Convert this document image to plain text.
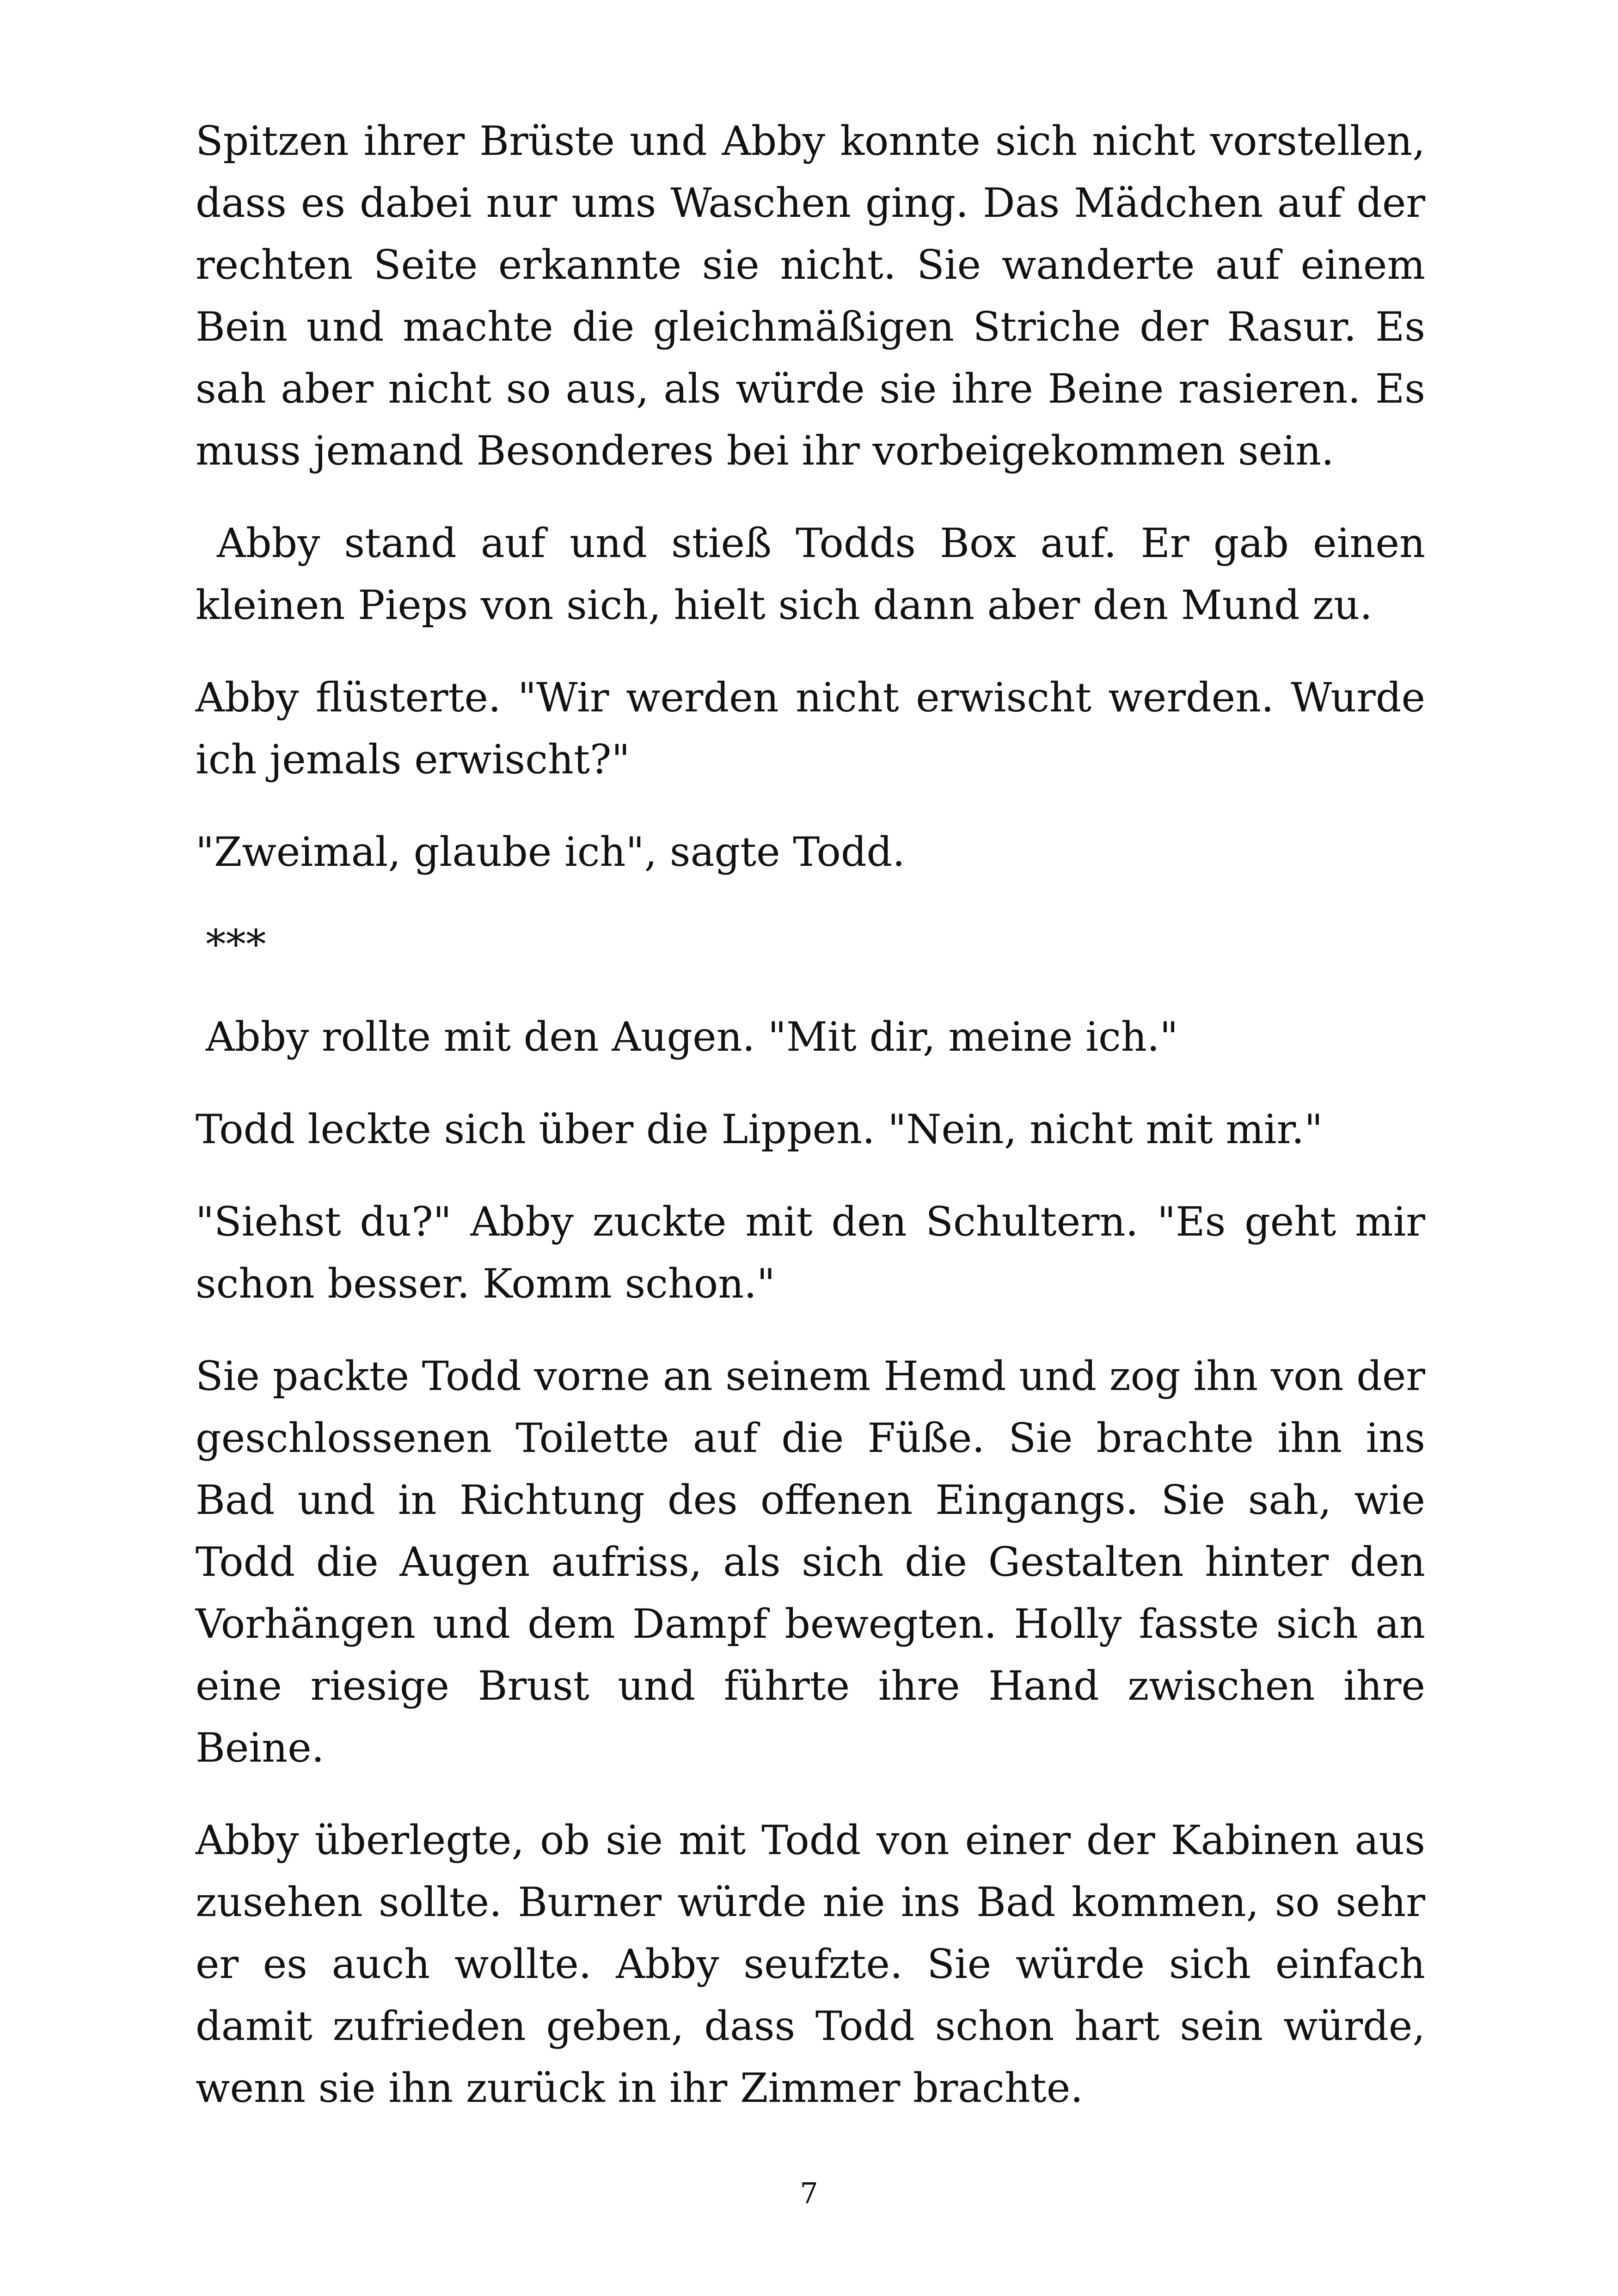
Spitzen ihrer Brüste und Abby konnte sich nicht vorstellen, dass es dabei nur ums Waschen ging. Das Mädchen auf der rechten Seite erkannte sie nicht. Sie wanderte auf einem Bein und machte die gleichmäßigen Striche der Rasur. Es sah aber nicht so aus, als würde sie ihre Beine rasieren. Es muss jemand Besonderes bei ihr vorbeigekommen sein.

Abby stand auf und stieß Todds Box auf. Er gab einen kleinen Pieps von sich, hielt sich dann aber den Mund zu.

Abby flüsterte. "Wir werden nicht erwischt werden. Wurde ich jemals erwischt?"

"Zweimal, glaube ich", sagte Todd.

***

Abby rollte mit den Augen. "Mit dir, meine ich."

Todd leckte sich über die Lippen. "Nein, nicht mit mir."

"Siehst du?" Abby zuckte mit den Schultern. "Es geht mir schon besser. Komm schon."

Sie packte Todd vorne an seinem Hemd und zog ihn von der geschlossenen Toilette auf die Füße. Sie brachte ihn ins Bad und in Richtung des offenen Eingangs. Sie sah, wie Todd die Augen aufriss, als sich die Gestalten hinter den Vorhängen und dem Dampf bewegten. Holly fasste sich an eine riesige Brust und führte ihre Hand zwischen ihre Beine.

Abby überlegte, ob sie mit Todd von einer der Kabinen aus zusehen sollte. Burner würde nie ins Bad kommen, so sehr er es auch wollte. Abby seufzte. Sie würde sich einfach damit zufrieden geben, dass Todd schon hart sein würde, wenn sie ihn zurück in ihr Zimmer brachte.

7
